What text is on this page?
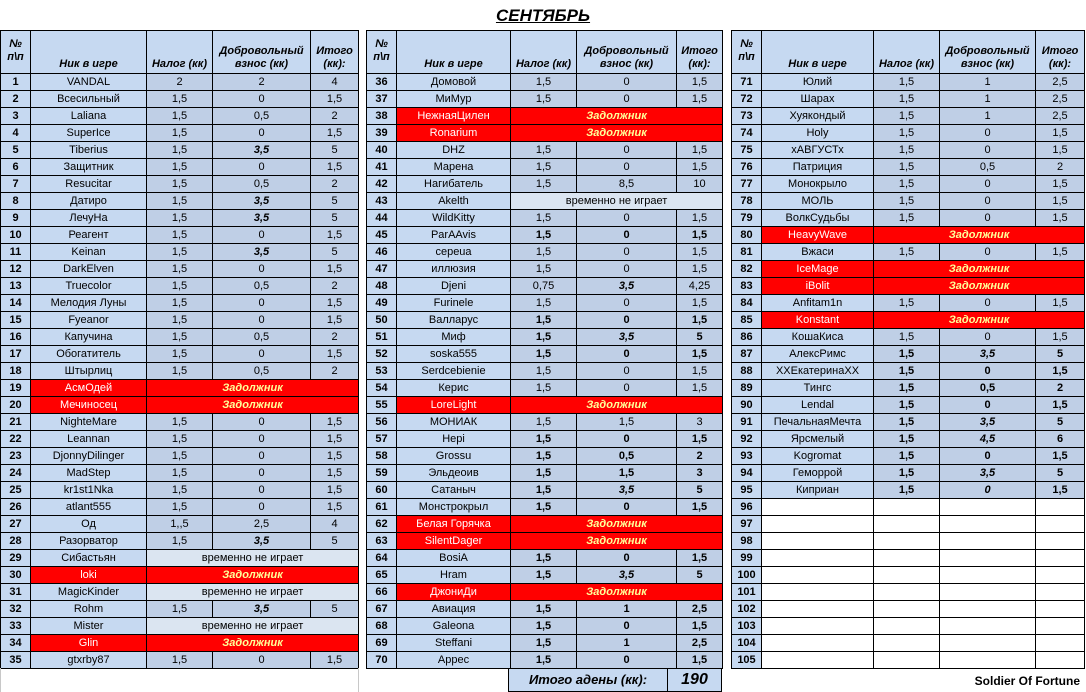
СЕНТЯБРЬ
№ п\п	Ник в игре	Налог (кк)	Добровольный взнос (кк)	Итого (кк):
1	VANDAL	2	2	4
2	Всесильный	1,5	0	1,5
3	Laliana	1,5	0,5	2
4	SuperIce	1,5	0	1,5
5	Tiberius	1,5	3,5	5
6	Защитник	1,5	0	1,5
7	Resucitar	1,5	0,5	2
8	Датиро	1,5	3,5	5
9	ЛечуНа	1,5	3,5	5
10	Реагент	1,5	0	1,5
11	Keinan	1,5	3,5	5
12	DarkElven	1,5	0	1,5
13	Truecolor	1,5	0,5	2
14	Мелодия Луны	1,5	0	1,5
15	Fyeanor	1,5	0	1,5
16	Капучина	1,5	0,5	2
17	Обогатитель	1,5	0	1,5
18	Штырлиц	1,5	0,5	2
19	АсмОдей	Задолжник		
20	Мечиносец	Задолжник		
21	NighteMare	1,5	0	1,5
22	Leannan	1,5	0	1,5
23	DjonnyDilinger	1,5	0	1,5
24	MadStep	1,5	0	1,5
25	kr1st1Nka	1,5	0	1,5
26	atlant555	1,5	0	1,5
27	Од	1,,5	2,5	4
28	Разорватор	1,5	3,5	5
29	Сибастьян	временно не играет		
30	loki	Задолжник		
31	MagicKinder	временно не играет		
32	Rohm	1,5	3,5	5
33	Mister	временно не играет		
34	Glin	Задолжник		
35	gtxrby87	1,5	0	1,5
№ п\п	Ник в игре	Налог (кк)	Добровольный взнос (кк)	Итого (кк):
36	Домовой	1,5	0	1,5
37	МиМур	1,5	0	1,5
38	НежнаяЦилен	Задолжник		
39	Ronarium	Задолжник		
40	DHZ	1,5	0	1,5
41	Марена	1,5	0	1,5
42	Нагибатель	1,5	8,5	10
43	Akelth	временно не играет		
44	WildKitty	1,5	0	1,5
45	ParAAvis	1,5	0	1,5
46	cереua	1,5	0	1,5
47	иллюзия	1,5	0	1,5
48	Djeni	0,75	3,5	4,25
49	Furinele	1,5	0	1,5
50	Валларус	1,5	0	1,5
51	Миф	1,5	3,5	5
52	soska555	1,5	0	1,5
53	Serdcebienie	1,5	0	1,5
54	Керис	1,5	0	1,5
55	LoreLight	Задолжник		
56	МОНИАК	1,5	1,5	3
57	Hepi	1,5	0	1,5
58	Grossu	1,5	0,5	2
59	Эльдеоив	1,5	1,5	3
60	Сатаныч	1,5	3,5	5
61	Монстрокрыл	1,5	0	1,5
62	Белая Горячка	Задолжник		
63	SilentDager	Задолжник		
64	BosiA	1,5	0	1,5
65	Hram	1,5	3,5	5
66	ДжониДи	Задолжник		
67	Авиация	1,5	1	2,5
68	Galeona	1,5	0	1,5
69	Steffani	1,5	1	2,5
70	Appec	1,5	0	1,5
№ п\п	Ник в игре	Налог (кк)	Добровольный взнос (кк)	Итого (кк):
71	Юлий	1,5	1	2,5
72	Шарах	1,5	1	2,5
73	Хуякондый	1,5	1	2,5
74	Holy	1,5	0	1,5
75	хАВГУСТх	1,5	0	1,5
76	Патриция	1,5	0,5	2
77	Монокрыло	1,5	0	1,5
78	МОЛЬ	1,5	0	1,5
79	ВолкСудьбы	1,5	0	1,5
80	HeavyWave	Задолжник		
81	Вжаси	1,5	0	1,5
82	IceMage	Задолжник		
83	iBolit	Задолжник		
84	Anfitam1n	1,5	0	1,5
85	Konstant	Задолжник		
86	КошаКиса	1,5	0	1,5
87	АлексРимс	1,5	3,5	5
88	ХХЕкатеринаХХ	1,5	0	1,5
89	Тингс	1,5	0,5	2
90	Lendal	1,5	0	1,5
91	ПечальнаяМечта	1,5	3,5	5
92	Ярсмелый	1,5	4,5	6
93	Kogromat	1,5	0	1,5
94	Геморрой	1,5	3,5	5
95	Киприан	1,5	0	1,5
96				
97				
98				
99				
100				
101				
102				
103				
104				
105				
Итого адены (кк):	190	Soldier Of Fortune
